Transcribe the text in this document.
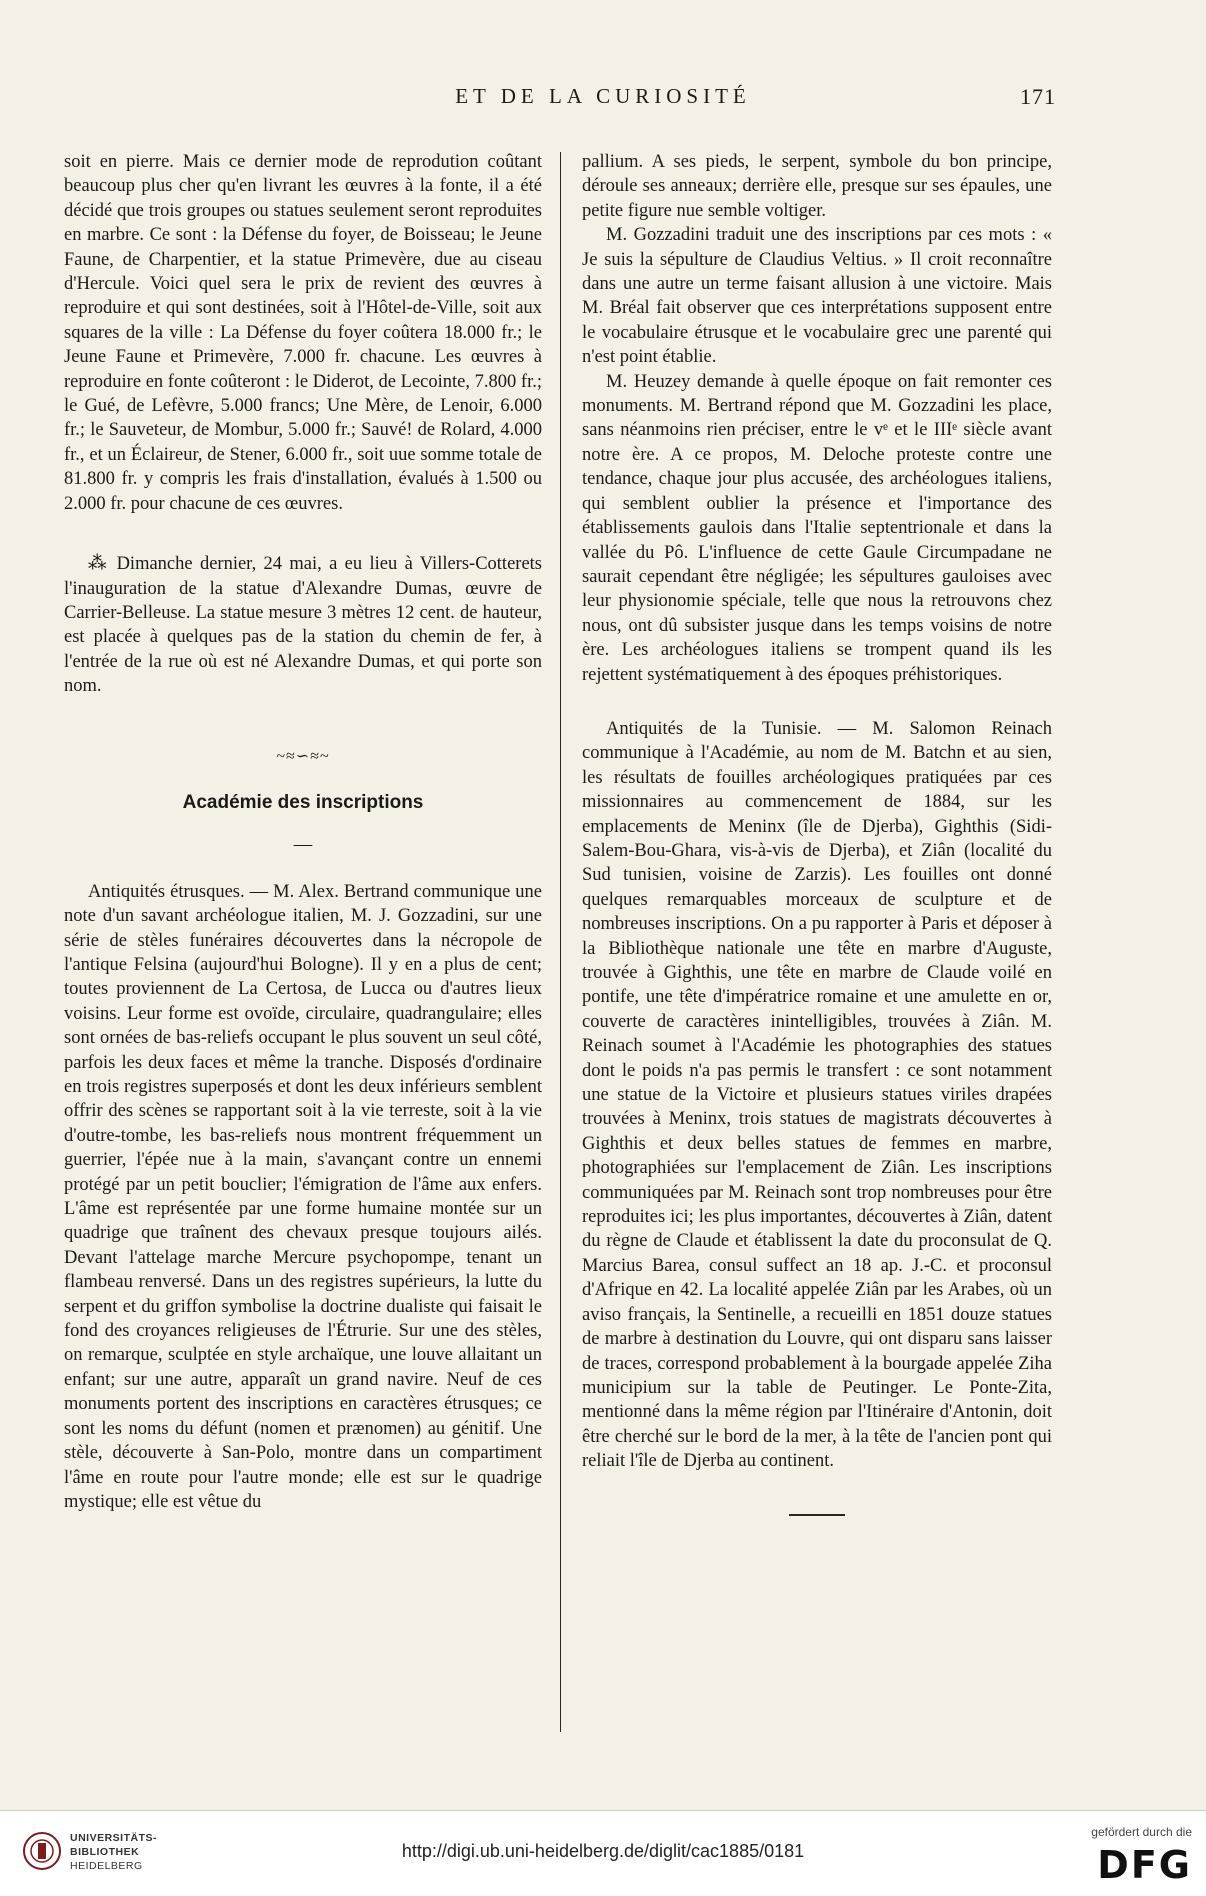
ET DE LA CURIOSITÉ	171

soit en pierre. Mais ce dernier mode de reprodution coûtant beaucoup plus cher qu'en livrant les œuvres à la fonte, il a été décidé que trois groupes ou statues seulement seront reproduites en marbre. Ce sont : la Défense du foyer, de Boisseau; le Jeune Faune, de Charpentier, et la statue Primevère, due au ciseau d'Hercule. Voici quel sera le prix de revient des œuvres à reproduire et qui sont destinées, soit à l'Hôtel-de-Ville, soit aux squares de la ville : La Défense du foyer coûtera 18.000 fr.; le Jeune Faune et Primevère, 7.000 fr. chacune. Les œuvres à reproduire en fonte coûteront : le Diderot, de Lecointe, 7.800 fr.; le Gué, de Lefèvre, 5.000 francs; Une Mère, de Lenoir, 6.000 fr.; le Sauveteur, de Mombur, 5.000 fr.; Sauvé! de Rolard, 4.000 fr., et un Éclaireur, de Stener, 6.000 fr., soit uue somme totale de 81.800 fr. y compris les frais d'installation, évalués à 1.500 ou 2.000 fr. pour chacune de ces œuvres.

⁂ Dimanche dernier, 24 mai, a eu lieu à Villers-Cotterets l'inauguration de la statue d'Alexandre Dumas, œuvre de Carrier-Belleuse. La statue mesure 3 mètres 12 cent. de hauteur, est placée à quelques pas de la station du chemin de fer, à l'entrée de la rue où est né Alexandre Dumas, et qui porte son nom.

~≈∽≈~
Académie des inscriptions
—

Antiquités étrusques. — M. Alex. Bertrand communique une note d'un savant archéologue italien, M. J. Gozzadini, sur une série de stèles funéraires découvertes dans la nécropole de l'antique Felsina (aujourd'hui Bologne). Il y en a plus de cent; toutes proviennent de La Certosa, de Lucca ou d'autres lieux voisins. Leur forme est ovoïde, circulaire, quadrangulaire; elles sont ornées de bas-reliefs occupant le plus souvent un seul côté, parfois les deux faces et même la tranche. Disposés d'ordinaire en trois registres superposés et dont les deux inférieurs semblent offrir des scènes se rapportant soit à la vie terreste, soit à la vie d'outre-tombe, les bas-reliefs nous montrent fréquemment un guerrier, l'épée nue à la main, s'avançant contre un ennemi protégé par un petit bouclier; l'émigration de l'âme aux enfers. L'âme est représentée par une forme humaine montée sur un quadrige que traînent des chevaux presque toujours ailés. Devant l'attelage marche Mercure psychopompe, tenant un flambeau renversé. Dans un des registres supérieurs, la lutte du serpent et du griffon symbolise la doctrine dualiste qui faisait le fond des croyances religieuses de l'Étrurie. Sur une des stèles, on remarque, sculptée en style archaïque, une louve allaitant un enfant; sur une autre, apparaît un grand navire. Neuf de ces monuments portent des inscriptions en caractères étrusques; ce sont les noms du défunt (nomen et prænomen) au génitif. Une stèle, découverte à San-Polo, montre dans un compartiment l'âme en route pour l'autre monde; elle est sur le quadrige mystique; elle est vêtue du

pallium. A ses pieds, le serpent, symbole du bon principe, déroule ses anneaux; derrière elle, presque sur ses épaules, une petite figure nue semble voltiger.

M. Gozzadini traduit une des inscriptions par ces mots : « Je suis la sépulture de Claudius Veltius. » Il croit reconnaître dans une autre un terme faisant allusion à une victoire. Mais M. Bréal fait observer que ces interprétations supposent entre le vocabulaire étrusque et le vocabulaire grec une parenté qui n'est point établie.

M. Heuzey demande à quelle époque on fait remonter ces monuments. M. Bertrand répond que M. Gozzadini les place, sans néanmoins rien préciser, entre le vᵉ et le IIIᵉ siècle avant notre ère. A ce propos, M. Deloche proteste contre une tendance, chaque jour plus accusée, des archéologues italiens, qui semblent oublier la présence et l'importance des établissements gaulois dans l'Italie septentrionale et dans la vallée du Pô. L'influence de cette Gaule Circumpadane ne saurait cependant être négligée; les sépultures gauloises avec leur physionomie spéciale, telle que nous la retrouvons chez nous, ont dû subsister jusque dans les temps voisins de notre ère. Les archéologues italiens se trompent quand ils les rejettent systématiquement à des époques préhistoriques.

Antiquités de la Tunisie. — M. Salomon Reinach communique à l'Académie, au nom de M. Batchn et au sien, les résultats de fouilles archéologiques pratiquées par ces missionnaires au commencement de 1884, sur les emplacements de Meninx (île de Djerba), Gighthis (Sidi-Salem-Bou-Ghara, vis-à-vis de Djerba), et Ziân (localité du Sud tunisien, voisine de Zarzis). Les fouilles ont donné quelques remarquables morceaux de sculpture et de nombreuses inscriptions. On a pu rapporter à Paris et déposer à la Bibliothèque nationale une tête en marbre d'Auguste, trouvée à Gighthis, une tête en marbre de Claude voilé en pontife, une tête d'impératrice romaine et une amulette en or, couverte de caractères inintelligibles, trouvées à Ziân. M. Reinach soumet à l'Académie les photographies des statues dont le poids n'a pas permis le transfert : ce sont notamment une statue de la Victoire et plusieurs statues viriles drapées trouvées à Meninx, trois statues de magistrats découvertes à Gighthis et deux belles statues de femmes en marbre, photographiées sur l'emplacement de Ziân. Les inscriptions communiquées par M. Reinach sont trop nombreuses pour être reproduites ici; les plus importantes, découvertes à Ziân, datent du règne de Claude et établissent la date du proconsulat de Q. Marcius Barea, consul suffect an 18 ap. J.-C. et proconsul d'Afrique en 42. La localité appelée Ziân par les Arabes, où un aviso français, la Sentinelle, a recueilli en 1851 douze statues de marbre à destination du Louvre, qui ont disparu sans laisser de traces, correspond probablement à la bourgade appelée Ziha municipium sur la table de Peutinger. Le Ponte-Zita, mentionné dans la même région par l'Itinéraire d'Antonin, doit être cherché sur le bord de la mer, à la tête de l'ancien pont qui reliait l'île de Djerba au continent.

UNIVERSITÄTS-
BIBLIOTHEK
HEIDELBERG
http://digi.ub.uni-heidelberg.de/diglit/cac1885/0181
gefördert durch die
DFG
